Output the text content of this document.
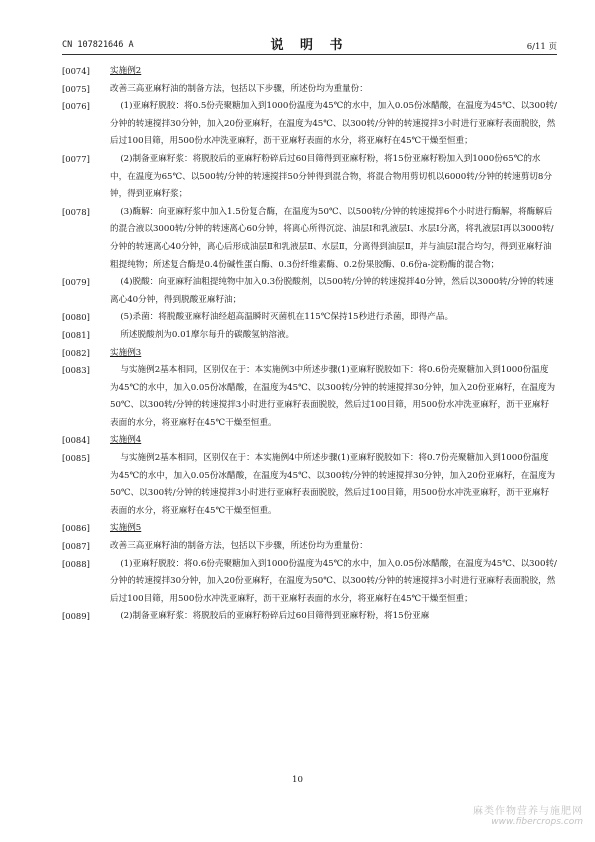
CN 107821646 A	说 明 书	6/11 页
[0074] 实施例2
[0075] 改善三高亚麻籽油的制备方法，包括以下步骤，所述份均为重量份：
[0076]	(1)亚麻籽脱胶：将0.5份壳聚糖加入到1000份温度为45℃的水中，加入0.05份冰醋酸，在温度为45℃、以300转/分钟的转速搅拌30分钟，加入20份亚麻籽，在温度为45℃、以300转/分钟的转速搅拌3小时进行亚麻籽表面脱胶，然后过100目筛，用500份水冲洗亚麻籽，沥干亚麻籽表面的水分，将亚麻籽在45℃干燥至恒重；
[0077]	(2)制备亚麻籽浆：将脱胶后的亚麻籽粉碎后过60目筛得到亚麻籽粉，将15份亚麻籽粉加入到1000份65℃的水中，在温度为65℃、以500转/分钟的转速搅拌50分钟得到混合物，将混合物用剪切机以6000转/分钟的转速剪切8分钟，得到亚麻籽浆；
[0078]	(3)酶解：向亚麻籽浆中加入1.5份复合酶，在温度为50℃、以500转/分钟的转速搅拌6个小时进行酶解，将酶解后的混合液以3000转/分钟的转速离心60分钟，将离心所得沉淀、油层I和乳液层I、水层I分离，将乳液层I再以3000转/分钟的转速离心40分钟，离心后形成油层Ⅱ和乳液层Ⅱ、水层Ⅱ，分离得到油层Ⅱ，并与油层I混合均匀，得到亚麻籽油粗提纯物；所述复合酶是0.4份碱性蛋白酶、0.3份纤维素酶、0.2份果胶酶、0.6份a-淀粉酶的混合物；
[0079]	(4)脱酸：向亚麻籽油粗提纯物中加入0.3份脱酸剂，以500转/分钟的转速搅拌40分钟，然后以3000转/分钟的转速离心40分钟，得到脱酸亚麻籽油；
[0080]	(5)杀菌：将脱酸亚麻籽油经超高温瞬时灭菌机在115℃保持15秒进行杀菌，即得产品。
[0081]	所述脱酸剂为0.01摩尔每升的碳酸氢钠溶液。
[0082] 实施例3
[0083]	与实施例2基本相同，区别仅在于：本实施例3中所述步骤(1)亚麻籽脱胶如下：将0.6份壳聚糖加入到1000份温度为45℃的水中，加入0.05份冰醋酸，在温度为45℃、以300转/分钟的转速搅拌30分钟，加入20份亚麻籽，在温度为50℃、以300转/分钟的转速搅拌3小时进行亚麻籽表面脱胶，然后过100目筛，用500份水冲洗亚麻籽，沥干亚麻籽表面的水分，将亚麻籽在45℃干燥至恒重。
[0084] 实施例4
[0085]	与实施例2基本相同，区别仅在于：本实施例4中所述步骤(1)亚麻籽脱胶如下：将0.7份壳聚糖加入到1000份温度为45℃的水中，加入0.05份冰醋酸，在温度为45℃、以300转/分钟的转速搅拌30分钟，加入20份亚麻籽，在温度为50℃、以300转/分钟的转速搅拌3小时进行亚麻籽表面脱胶，然后过100目筛，用500份水冲洗亚麻籽，沥干亚麻籽表面的水分，将亚麻籽在45℃干燥至恒重。
[0086] 实施例5
[0087] 改善三高亚麻籽油的制备方法，包括以下步骤，所述份均为重量份：
[0088]	(1)亚麻籽脱胶：将0.6份壳聚糖加入到1000份温度为45℃的水中，加入0.05份冰醋酸，在温度为45℃、以300转/分钟的转速搅拌30分钟，加入20份亚麻籽，在温度为50℃、以300转/分钟的转速搅拌3小时进行亚麻籽表面脱胶，然后过100目筛，用500份水冲洗亚麻籽，沥干亚麻籽表面的水分，将亚麻籽在45℃干燥至恒重；
[0089]	(2)制备亚麻籽浆：将脱胶后的亚麻籽粉碎后过60目筛得到亚麻籽粉，将15份亚麻
10
麻类作物营养与施肥网
www.fibercrops.com
